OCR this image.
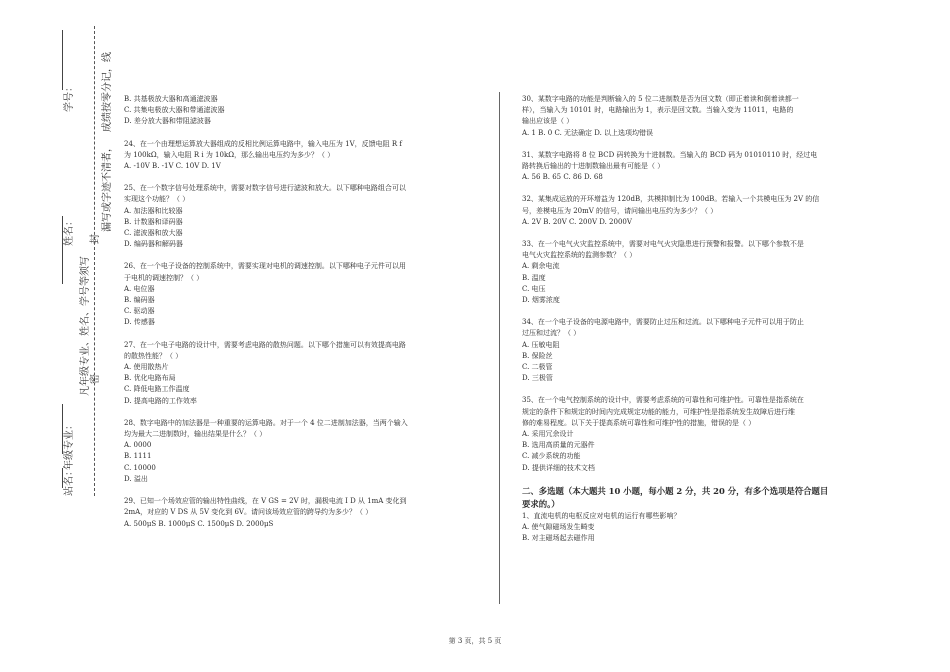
学号：
姓名：
年级专业：
站名：
凡年级专业、姓名、学号等须写 密
封
漏写或字迹不清者，
成绩按零分记，线 B. 共基极放大器和高通滤波器

C. 共集电极放大器和带通滤波器

D. 差分放大器和带阻滤波器

24、在一个由理想运算放大器组成的反相比例运算电路中，输入电压为 1V，反馈电阻 R f
为 100kΩ，输入电阻 R i 为 10kΩ，那么输出电压约为多少？（ ）

A. -10V B. -1V C. 10V D. 1V

25、在一个数字信号处理系统中，需要对数字信号进行滤波和放大。以下哪种电路组合可以
实现这个功能？（ ）

A. 加法器和比较器

B. 计数器和译码器

C. 滤波器和放大器

D. 编码器和解码器

26、在一个电子设备的控制系统中，需要实现对电机的调速控制。以下哪种电子元件可以用
于电机的调速控制？（ ）

A. 电位器

B. 编码器

C. 驱动器

D. 传感器

27、在一个电子电路的设计中，需要考虑电路的散热问题。以下哪个措施可以有效提高电路
的散热性能？（ ）

A. 使用散热片

B. 优化电路布局

C. 降低电路工作温度

D. 提高电路的工作效率

28、数字电路中的加法器是一种重要的运算电路。对于一个 4 位二进制加法器，当两个输入
均为最大二进制数时，输出结果是什么？（ ）

A. 0000

B. 1111

C. 10000

D. 溢出

29、已知一个场效应管的输出特性曲线，在 V GS = 2V 时，漏极电流 I D 从 1mA 变化到
2mA，对应的 V DS 从 5V 变化到 6V。请问该场效应管的跨导约为多少？（ ）

A. 500μS B. 1000μS C. 1500μS D. 2000μS

30、某数字电路的功能是判断输入的 5 位二进制数是否为回文数（即正着读和倒着读都一
样），当输入为 10101 时，电路输出为 1，表示是回文数。当输入变为 11011，电路的
输出应该是（ ）

A. 1 B. 0 C. 无法确定 D. 以上选项均错误

31、某数字电路将 8 位 BCD 码转换为十进制数。当输入的 BCD 码为 01010110 时，经过电
路转换后输出的十进制数输出最有可能是（ ）

A. 56 B. 65 C. 86 D. 68

32、某集成运放的开环增益为 120dB，共模抑制比为 100dB。若输入一个共模电压为 2V 的信
号，差模电压为 20mV 的信号，请问输出电压约为多少？（ ）

A. 2V B. 20V C. 200V D. 2000V

33、在一个电气火灾监控系统中，需要对电气火灾隐患进行预警和报警。以下哪个参数不是
电气火灾监控系统的监测参数？（ ）

A. 剩余电流

B. 温度

C. 电压

D. 烟雾浓度

34、在一个电子设备的电源电路中，需要防止过压和过流。以下哪种电子元件可以用于防止
过压和过流？（ ）

A. 压敏电阻

B. 保险丝

C. 二极管

D. 三极管

35、在一个电气控制系统的设计中，需要考虑系统的可靠性和可维护性。可靠性是指系统在
规定的条件下和规定的时间内完成规定功能的能力，可维护性是指系统发生故障后进行维
修的难易程度。以下关于提高系统可靠性和可维护性的措施，错误的是（ ）

A. 采用冗余设计

B. 选用高质量的元器件

C. 减少系统的功能

D. 提供详细的技术文档

二、多选题（本大题共 10 小题，每小题 2 分，共 20 分，有多个选项是符合题目
要求的。）

1、直流电机的电枢反应对电机的运行有哪些影响？

A. 使气隙磁场发生畸变

B. 对主磁场起去磁作用

第 3 页，共 5 页
